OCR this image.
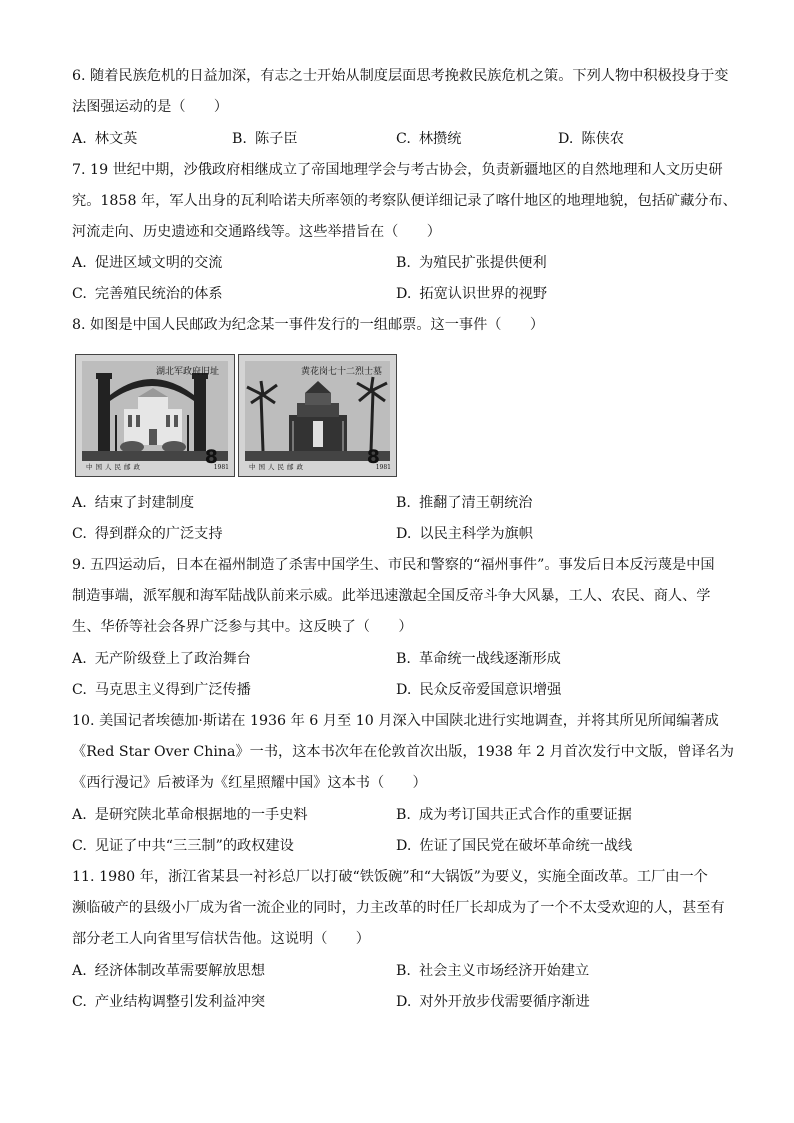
6. 随着民族危机的日益加深，有志之士开始从制度层面思考挽救民族危机之策。下列人物中积极投身于变
法图强运动的是（　　）
A. 林文英	B. 陈子臣	C. 林攒统	D. 陈侠农
7. 19 世纪中期，沙俄政府相继成立了帝国地理学会与考古协会，负责新疆地区的自然地理和人文历史研
究。1858 年，军人出身的瓦利哈诺夫所率领的考察队便详细记录了喀什地区的地理地貌，包括矿藏分布、
河流走向、历史遗迹和交通路线等。这些举措旨在（　　）
A. 促进区域文明的交流	B. 为殖民扩张提供便利
C. 完善殖民统治的体系	D. 拓宽认识世界的视野
8. 如图是中国人民邮政为纪念某一事件发行的一组邮票。这一事件（　　）
湖北军政府旧址
中国人民邮政	8
1981
黄花岗七十二烈士墓
中国人民邮政	8
1981
A. 结束了封建制度	B. 推翻了清王朝统治
C. 得到群众的广泛支持	D. 以民主科学为旗帜
9. 五四运动后，日本在福州制造了杀害中国学生、市民和警察的“福州事件”。事发后日本反污蔑是中国
制造事端，派军舰和海军陆战队前来示威。此举迅速激起全国反帝斗争大风暴，工人、农民、商人、学
生、华侨等社会各界广泛参与其中。这反映了（　　）
A. 无产阶级登上了政治舞台	B. 革命统一战线逐渐形成
C. 马克思主义得到广泛传播	D. 民众反帝爱国意识增强
10. 美国记者埃德加·斯诺在 1936 年 6 月至 10 月深入中国陕北进行实地调查，并将其所见所闻编著成
《Red Star Over China》一书，这本书次年在伦敦首次出版，1938 年 2 月首次发行中文版，曾译名为
《西行漫记》后被译为《红星照耀中国》这本书（　　）
A. 是研究陕北革命根据地的一手史料	B. 成为考订国共正式合作的重要证据
C. 见证了中共“三三制”的政权建设	D. 佐证了国民党在破坏革命统一战线
11. 1980 年，浙江省某县一衬衫总厂以打破“铁饭碗”和“大锅饭”为要义，实施全面改革。工厂由一个
濒临破产的县级小厂成为省一流企业的同时，力主改革的时任厂长却成为了一个不太受欢迎的人，甚至有
部分老工人向省里写信状告他。这说明（　　）
A. 经济体制改革需要解放思想	B. 社会主义市场经济开始建立
C. 产业结构调整引发利益冲突	D. 对外开放步伐需要循序渐进
